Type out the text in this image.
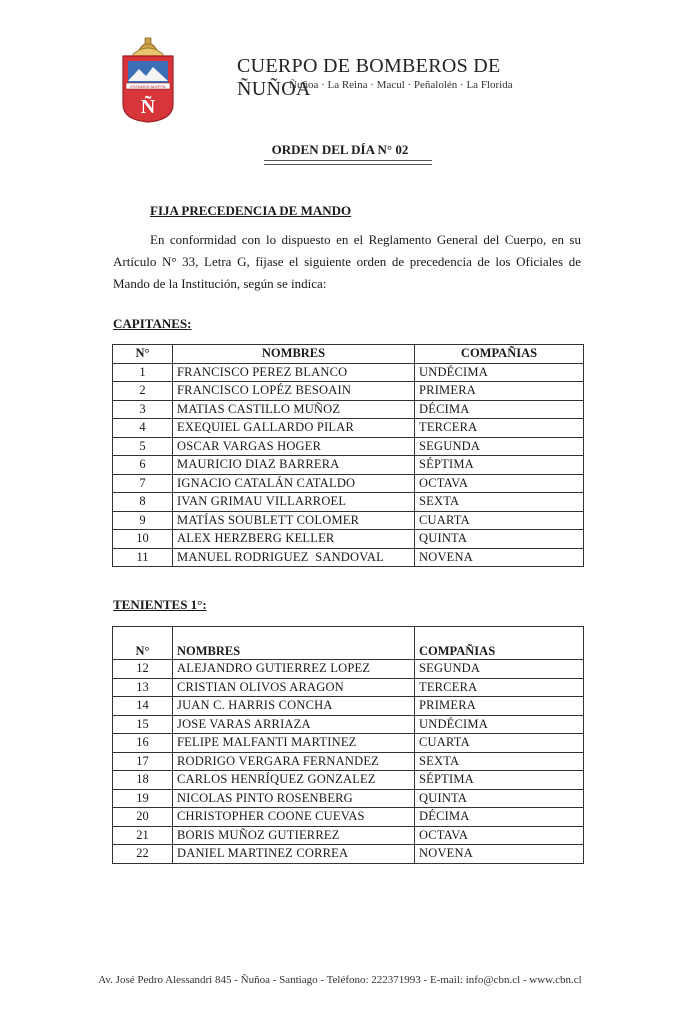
ESTAMOS ALERTA
Ñ
CUERPO DE BOMBEROS DE ÑUÑOA
Ñuñoa · La Reina · Macul · Peñalolén · La Florida
ORDEN DEL DÍA N° 02
FIJA PRECEDENCIA DE MANDO
En conformidad con lo dispuesto en el Reglamento General del Cuerpo, en su Artículo N° 33, Letra G, fíjase el siguiente orden de precedencia de los Oficiales de Mando de la Institución, según se indica:
CAPITANES:
N°	NOMBRES	COMPAÑIAS
1	FRANCISCO PEREZ BLANCO	UNDÉCIMA
2	FRANCISCO LOPÉZ BESOAIN	PRIMERA
3	MATIAS CASTILLO MUÑOZ	DÉCIMA
4	EXEQUIEL GALLARDO PILAR	TERCERA
5	OSCAR VARGAS HOGER	SEGUNDA
6	MAURICIO DIAZ BARRERA	SÉPTIMA
7	IGNACIO CATALÁN CATALDO	OCTAVA
8	IVAN GRIMAU VILLARROEL	SEXTA
9	MATÍAS SOUBLETT COLOMER	CUARTA
10	ALEX HERZBERG KELLER	QUINTA
11	MANUEL RODRIGUEZ  SANDOVAL	NOVENA
TENIENTES 1°:
N°	NOMBRES	COMPAÑIAS
12	ALEJANDRO GUTIERREZ LOPEZ	SEGUNDA
13	CRISTIAN OLIVOS ARAGON	TERCERA
14	JUAN C. HARRIS CONCHA	PRIMERA
15	JOSE VARAS ARRIAZA	UNDÉCIMA
16	FELIPE MALFANTI MARTINEZ	CUARTA
17	RODRIGO VERGARA FERNANDEZ	SEXTA
18	CARLOS HENRÍQUEZ GONZALEZ	SÉPTIMA
19	NICOLAS PINTO ROSENBERG	QUINTA
20	CHRISTOPHER COONE CUEVAS	DÉCIMA
21	BORIS MUÑOZ GUTIERREZ	OCTAVA
22	DANIEL MARTINEZ CORREA	NOVENA
Av. José Pedro Alessandri 845 - Ñuñoa - Santiago - Teléfono: 222371993 - E-mail: info@cbn.cl - www.cbn.cl
